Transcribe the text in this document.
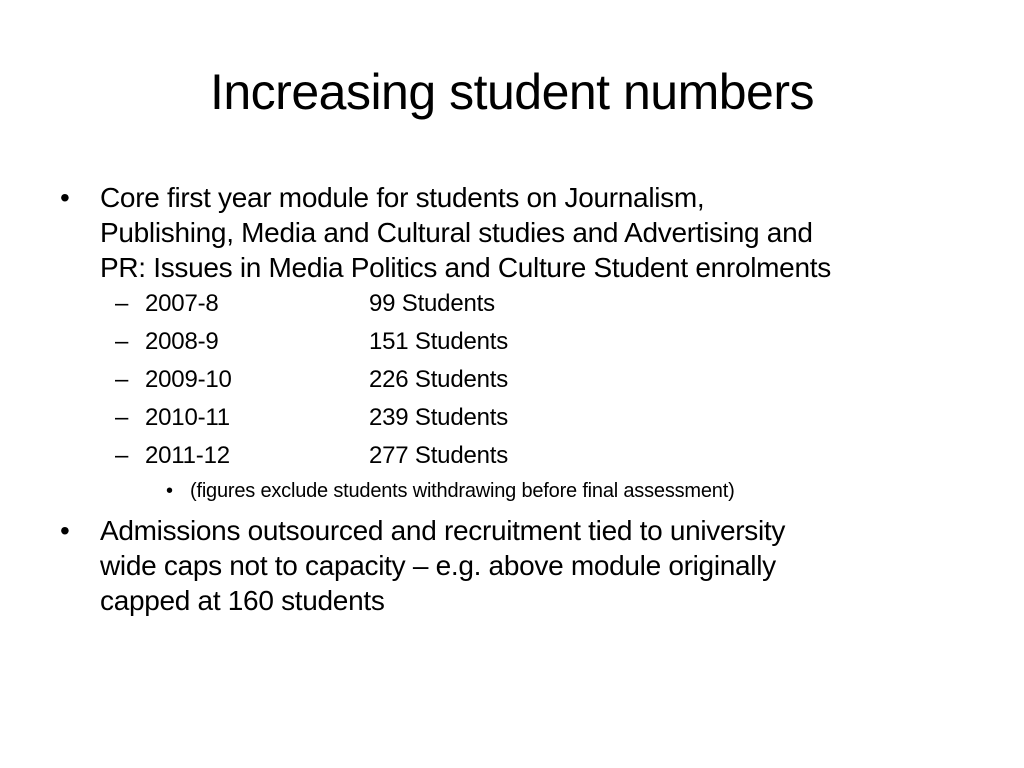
Increasing student numbers
• Core first year module for students on Journalism,
Publishing, Media and Cultural studies and Advertising and
PR: Issues in Media Politics and Culture Student enrolments
– 2007-8	99 Students
– 2008-9	151 Students
– 2009-10	226 Students
– 2010-11	239 Students
– 2011-12	277 Students
• (figures exclude students withdrawing before final assessment)
• Admissions outsourced and recruitment tied to university
wide caps not to capacity – e.g. above module originally
capped at 160 students
